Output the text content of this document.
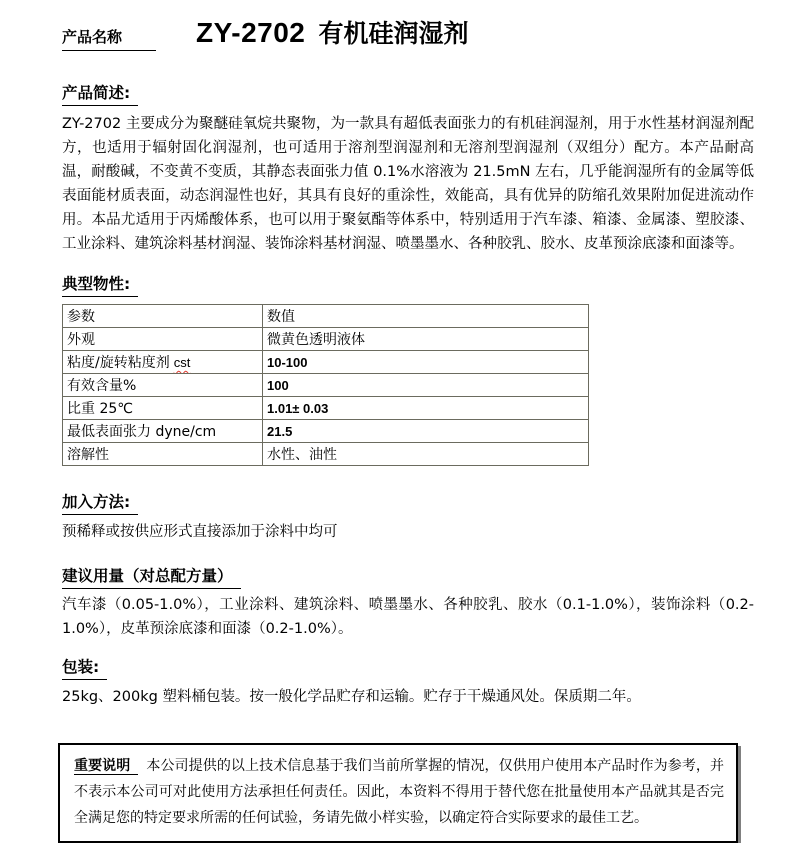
产品名称	ZY-2702 有机硅润湿剂
产品简述:
ZY-2702 主要成分为聚醚硅氧烷共聚物，为一款具有超低表面张力的有机硅润湿剂，用于水性基材润湿剂配方，也适用于辐射固化润湿剂，也可适用于溶剂型润湿剂和无溶剂型润湿剂（双组分）配方。本产品耐高温，耐酸碱，不变黄不变质，其静态表面张力值 0.1%水溶液为 21.5mN 左右，几乎能润湿所有的金属等低表面能材质表面，动态润湿性也好，其具有良好的重涂性，效能高，具有优异的防缩孔效果附加促进流动作用。本品尤适用于丙烯酸体系，也可以用于聚氨酯等体系中，特别适用于汽车漆、箱漆、金属漆、塑胶漆、工业涂料、建筑涂料基材润湿、装饰涂料基材润湿、喷墨墨水、各种胶乳、胶水、皮革预涂底漆和面漆等。
典型物性:
参数	数值
外观	微黄色透明液体
粘度/旋转粘度剂 cst	10-100
有效含量%	100
比重 25℃	1.01± 0.03
最低表面张力 dyne/cm	21.5
溶解性	水性、油性
加入方法:
预稀释或按供应形式直接添加于涂料中均可
建议用量（对总配方量）
汽车漆（0.05-1.0%），工业涂料、建筑涂料、喷墨墨水、各种胶乳、胶水（0.1-1.0%），装饰涂料（0.2-1.0%），皮革预涂底漆和面漆（0.2-1.0%）。
包装:
25kg、200kg 塑料桶包装。按一般化学品贮存和运输。贮存于干燥通风处。保质期二年。
重要说明 本公司提供的以上技术信息基于我们当前所掌握的情况，仅供用户使用本产品时作为参考，并不表示本公司可对此使用方法承担任何责任。因此，本资料不得用于替代您在批量使用本产品就其是否完全满足您的特定要求所需的任何试验，务请先做小样实验，以确定符合实际要求的最佳工艺。
